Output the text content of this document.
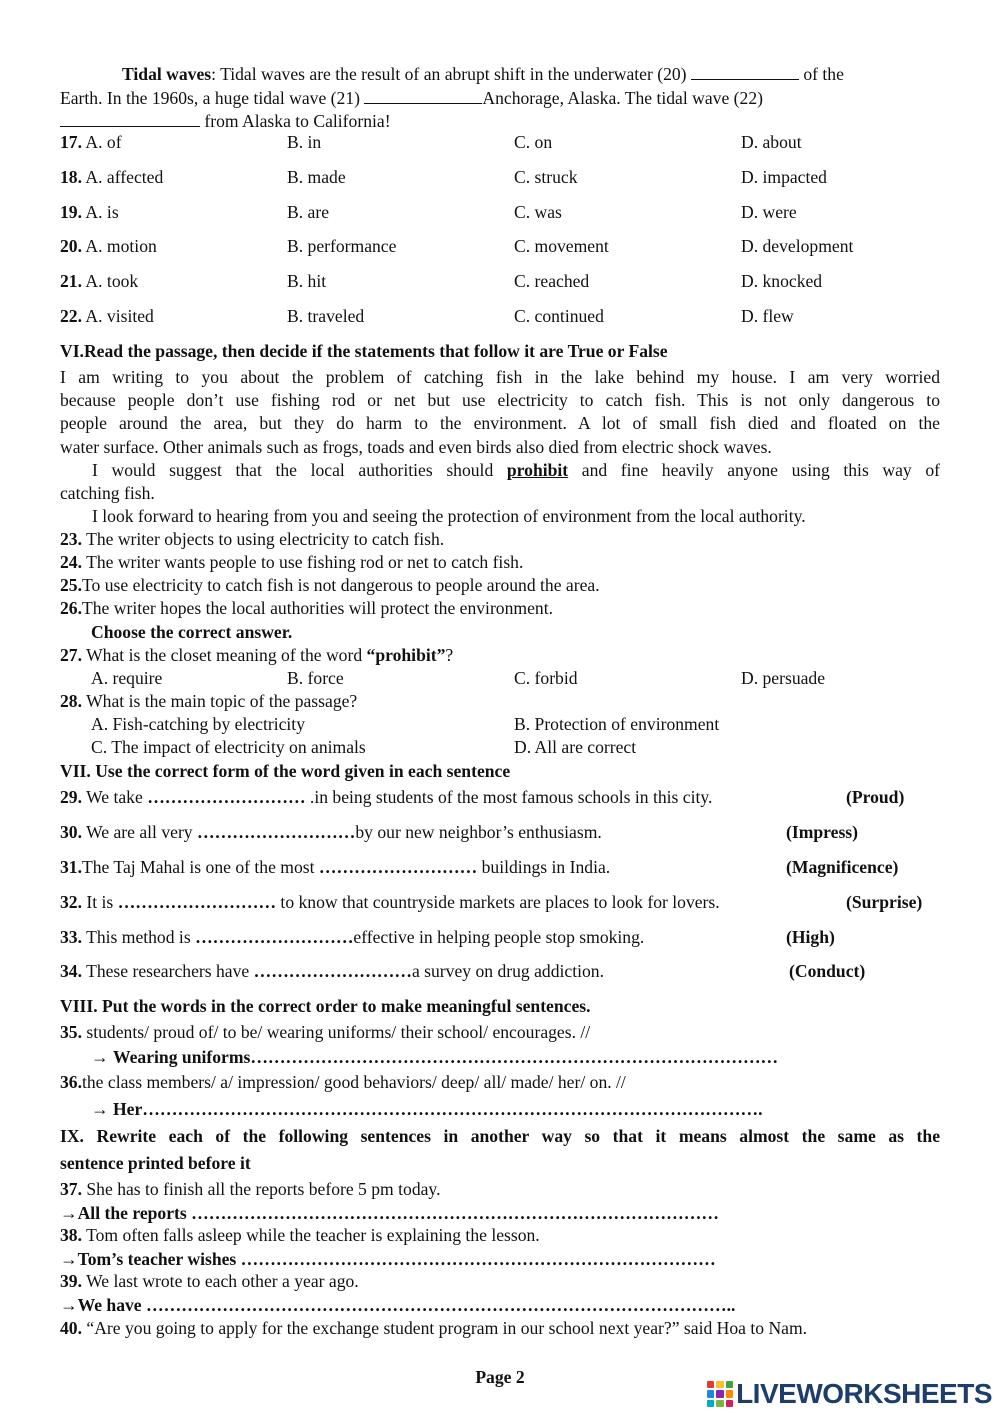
Tidal waves: Tidal waves are the result of an abrupt shift in the underwater (20)	of the
Earth. In the 1960s, a huge tidal wave (21)	Anchorage, Alaska. The tidal wave (22)
from Alaska to California!
17. A. of	B. in	C. on	D. about
18. A. affected	B. made	C. struck	D. impacted
19. A. is	B. are	C. was	D. were
20. A. motion	B. performance	C. movement	D. development
21. A. took	B. hit	C. reached	D. knocked
22. A. visited	B. traveled	C. continued	D. flew
VI.Read the passage, then decide if the statements that follow it are True or False
I am writing to you about the problem of catching fish in the lake behind my house. I am very worried
because people don’t use fishing rod or net but use electricity to catch fish. This is not only dangerous to
people around the area, but they do harm to the environment. A lot of small fish died and floated on the
water surface. Other animals such as frogs, toads and even birds also died from electric shock waves.
I would suggest that the local authorities should prohibit and fine heavily anyone using this way of
catching fish.
I look forward to hearing from you and seeing the protection of environment from the local authority.
23. The writer objects to using electricity to catch fish.
24. The writer wants people to use fishing rod or net to catch fish.
25.To use electricity to catch fish is not dangerous to people around the area.
26.The writer hopes the local authorities will protect the environment.
Choose the correct answer.
27. What is the closet meaning of the word “prohibit”?
A. require	B. force	C. forbid	D. persuade
28. What is the main topic of the passage?
A. Fish-catching by electricity	B. Protection of environment
C. The impact of electricity on animals	D. All are correct
VII. Use the correct form of the word given in each sentence
29. We take ……………………… .in being students of the most famous schools in this city.	(Proud)
30. We are all very ………………………by our new neighbor’s enthusiasm.	(Impress)
31.The Taj Mahal is one of the most ……………………… buildings in India.	(Magnificence)
32. It is ……………………… to know that countryside markets are places to look for lovers.	(Surprise)
33. This method is ………………………effective in helping people stop smoking.	(High)
34. These researchers have ………………………a survey on drug addiction.	(Conduct)
VIII. Put the words in the correct order to make meaningful sentences.
35. students/ proud of/ to be/ wearing uniforms/ their school/ encourages. //
→ Wearing uniforms………………………………………………………………………………
36.the class members/ a/ impression/ good behaviors/ deep/ all/ made/ her/ on. //
→ Her…………………………………………………………………………………………….
IX. Rewrite each of the following sentences in another way so that it means almost the same as the
sentence printed before it
37. She has to finish all the reports before 5 pm today.
→All the reports ………………………………………………………………………………
38. Tom often falls asleep while the teacher is explaining the lesson.
→Tom’s teacher wishes ………………………………………………………………………
39. We last wrote to each other a year ago.
→We have ………………………………………………………………………………………..
40. “Are you going to apply for the exchange student program in our school next year?” said Hoa to Nam.
Page 2
LIVEWORKSHEETS
